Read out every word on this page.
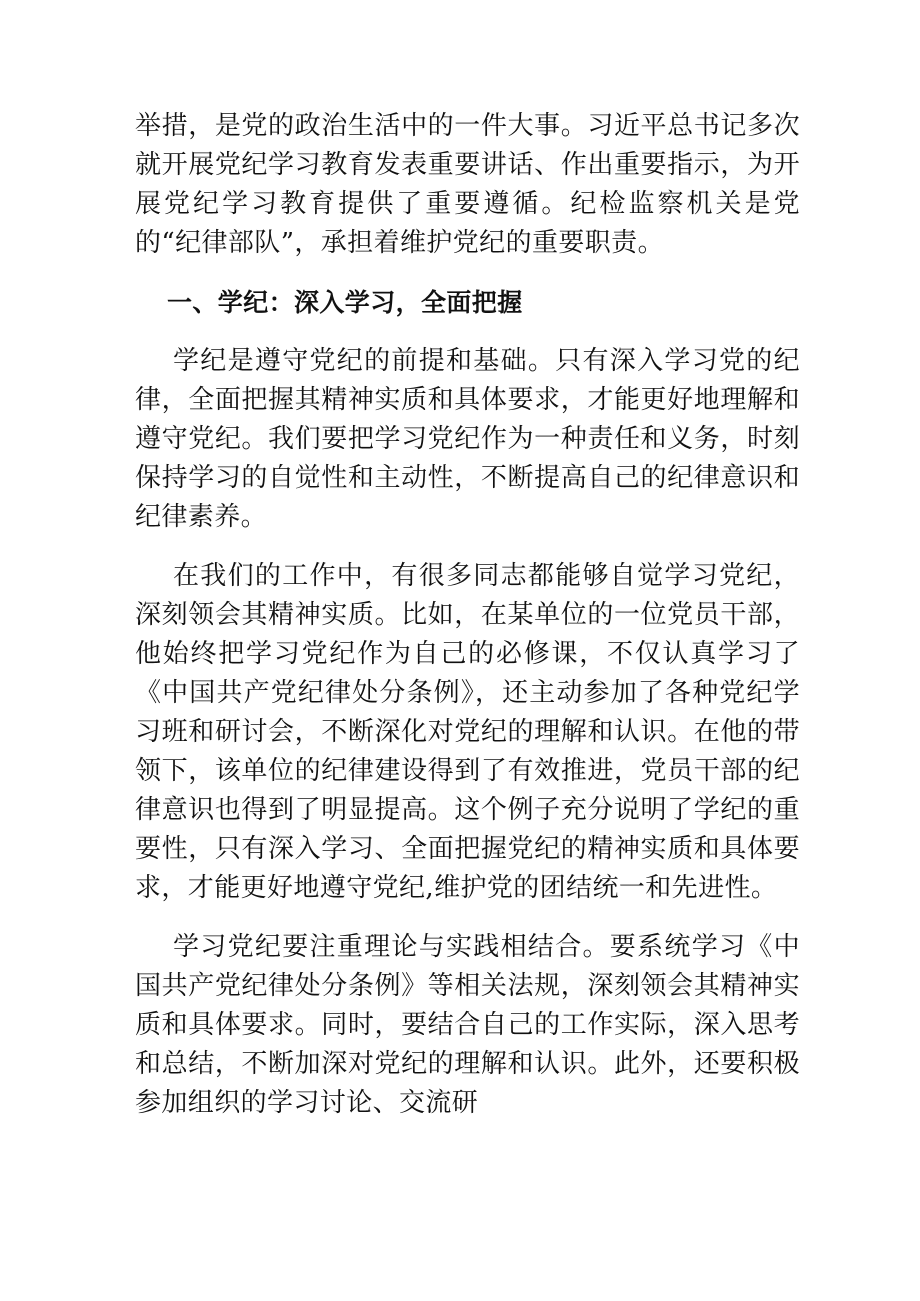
举措，是党的政治生活中的一件大事。习近平总书记多次就开展党纪学习教育发表重要讲话、作出重要指示，为开展党纪学习教育提供了重要遵循。纪检监察机关是党的“纪律部队”，承担着维护党纪的重要职责。

一、学纪：深入学习，全面把握

学纪是遵守党纪的前提和基础。只有深入学习党的纪律，全面把握其精神实质和具体要求，才能更好地理解和遵守党纪。我们要把学习党纪作为一种责任和义务，时刻保持学习的自觉性和主动性，不断提高自己的纪律意识和纪律素养。

在我们的工作中，有很多同志都能够自觉学习党纪，深刻领会其精神实质。比如，在某单位的一位党员干部，他始终把学习党纪作为自己的必修课，不仅认真学习了《中国共产党纪律处分条例》，还主动参加了各种党纪学习班和研讨会，不断深化对党纪的理解和认识。在他的带领下，该单位的纪律建设得到了有效推进，党员干部的纪律意识也得到了明显提高。这个例子充分说明了学纪的重要性，只有深入学习、全面把握党纪的精神实质和具体要求，才能更好地遵守党纪,维护党的团结统一和先进性。

学习党纪要注重理论与实践相结合。要系统学习《中国共产党纪律处分条例》等相关法规，深刻领会其精神实质和具体要求。同时，要结合自己的工作实际，深入思考和总结，不断加深对党纪的理解和认识。此外，还要积极参加组织的学习讨论、交流研
